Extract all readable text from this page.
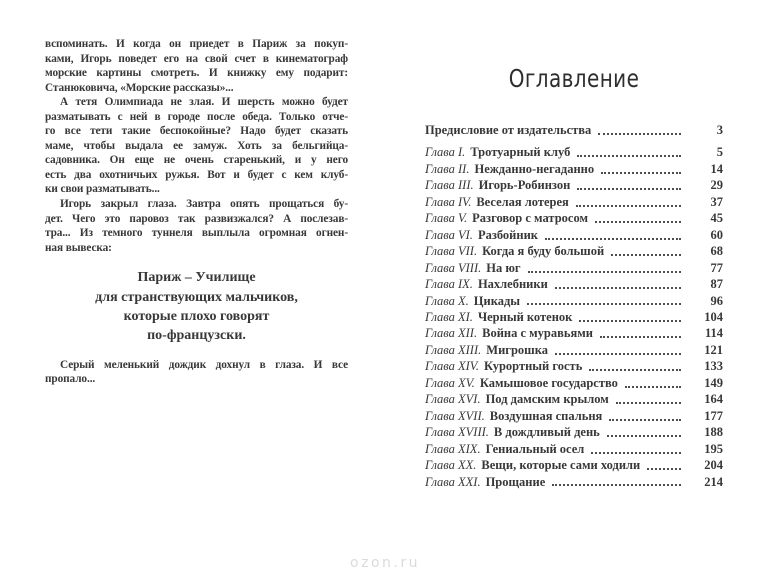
вспоминать. И когда он приедет в Париж за покуп-
ками, Игорь поведет его на свой счет в кинематограф
морские картины смотреть. И книжку ему подарит:
Станюковича, «Морские рассказы»...
А тетя Олимпиада не злая. И шерсть можно будет
разматывать с ней в городе после обеда. Только отче-
го все тети такие беспокойные? Надо будет сказать
маме, чтобы выдала ее замуж. Хоть за бельгийца-
садовника. Он еще не очень старенький, и у него
есть два охотничьих ружья. Вот и будет с кем клуб-
ки свои разматывать...
Игорь закрыл глаза. Завтра опять прощаться бу-
дет. Чего это паровоз так развизжался? А послезав-
тра... Из темного туннеля выплыла огромная огнен-
ная вывеска:
Париж – Училище
для странствующих мальчиков,
которые плохо говорят
по-французски.
Серый меленький дождик дохнул в глаза. И все
пропало...
Оглавление
Предисловие от издательства	3
Глава I. Тротуарный клуб	5
Глава II. Нежданно-негаданно	14
Глава III. Игорь-Робинзон	29
Глава IV. Веселая лотерея	37
Глава V. Разговор с матросом	45
Глава VI. Разбойник	60
Глава VII. Когда я буду большой	68
Глава VIII. На юг	77
Глава IX. Нахлебники	87
Глава X. Цикады	96
Глава XI. Черный котенок	104
Глава XII. Война с муравьями	114
Глава XIII. Мигрошка	121
Глава XIV. Курортный гость	133
Глава XV. Камышовое государство	149
Глава XVI. Под дамским крылом	164
Глава XVII. Воздушная спальня	177
Глава XVIII. В дождливый день	188
Глава XIX. Гениальный осел	195
Глава XX. Вещи, которые сами ходили	204
Глава XXI. Прощание	214
ozon.ru
